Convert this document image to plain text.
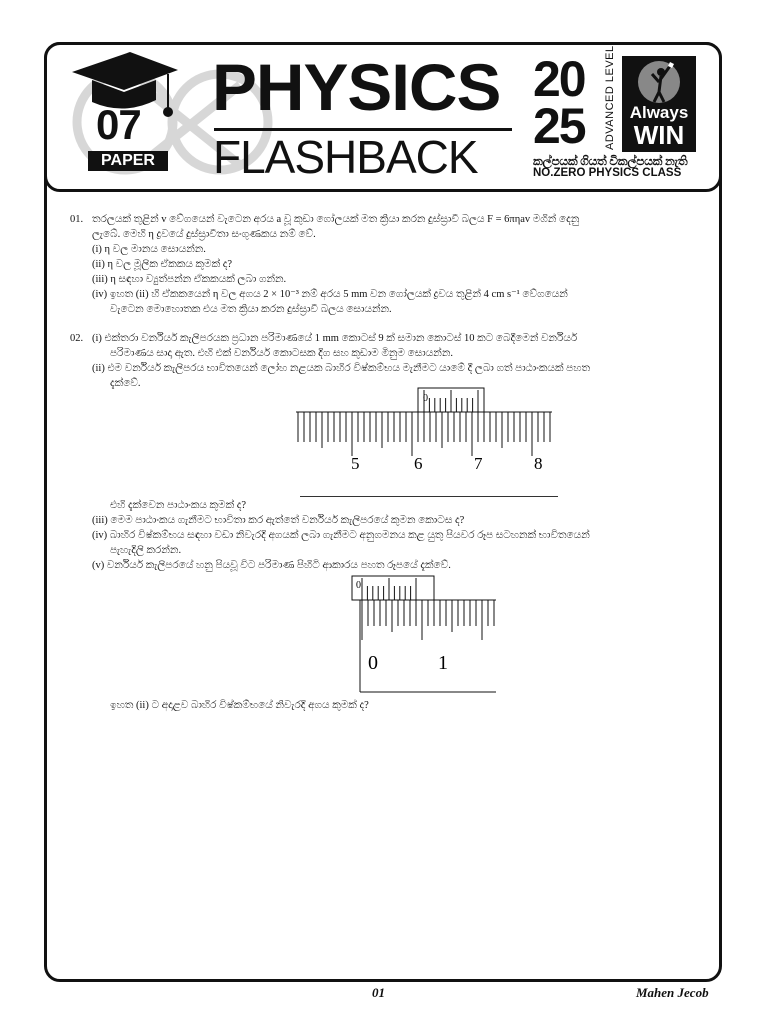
07
PAPER
PHYSICS
FLASHBACK
20
25 ADVANCED LEVEL Always
WIN
කල්පයක් ගියත් විකල්පයක් නැති
NO.ZERO PHYSICS CLASS
01. තරලයක් තුළින් v වේගයෙන් වැටෙන අරය a වූ කුඩා ගෝලයක් මත ක්‍රියා කරන දුස්ස්‍රාවී බලය F = 6πηav මගින් දෙනු
ලැබේ. මෙහි η ද්‍රවයේ දුස්ස්‍රාවීතා සංගුණකය නම් වේ.
(i) η වල මානය සොයන්න.
(ii) η වල මූලික ඒකකය කුමක් ද?
(iii) η සඳහා ව්‍යුත්පන්න ඒකකයක් ලබා ගන්න.
(iv) ඉහත (ii) හි ඒකකයෙන් η වල අගය 2 × 10⁻³ නම් අරය 5 mm වන ගෝලයක් ද්‍රවය තුළින් 4 cm s⁻¹ වේගයෙන්
වැටෙන මොහොතක එය මත ක්‍රියා කරන දුස්ස්‍රාවී බලය සොයන්න.
02. (i) එක්තරා වර්නියර් කැලිපරයක ප්‍රධාන පරිමාණයේ 1 mm කොටස් 9 ක් සමාන කොටස් 10 කට බෙදීමෙන් වර්නියර්
පරිමාණය සාදා ඇත. එහි එක් වර්නියර් කොටසක දිග සහ කුඩාම මිනුම සොයන්න.
(ii) එම වර්නියර් කැලිපරය භාවිතයෙන් ලෝහ නළයක බාහිර විෂ්කම්භය මැනීමට යාමේ දී ලබා ගත් පාඨාංකයක් පහත
දැක්වේ.
0
5	6	7	8
එහි දැක්වෙන පාඨාංකය කුමක් ද?
(iii) මෙම පාඨාංකය ගැනීමට භාවිතා කර ඇත්තේ වර්නියර් කැලිපරයේ කුමන කොටස ද?
(iv) බාහිර විෂ්කම්භය සඳහා වඩා නිවැරදි අගයක් ලබා ගැනීමට අනුගමනය කළ යුතු පියවර රූප සටහනක් භාවිතයෙන්
පැහැදිලි කරන්න.
(v) වර්නියර් කැලිපරයේ හනු පියවූ විට පරිමාණ පිහිටි ආකාරය පහත රූපයේ දැක්වේ.
0
0	1
ඉහත (ii) ට අදාළව බාහිර විෂ්කම්භයේ නිවැරදි අගය කුමක් ද?
01	Mahen Jecob
